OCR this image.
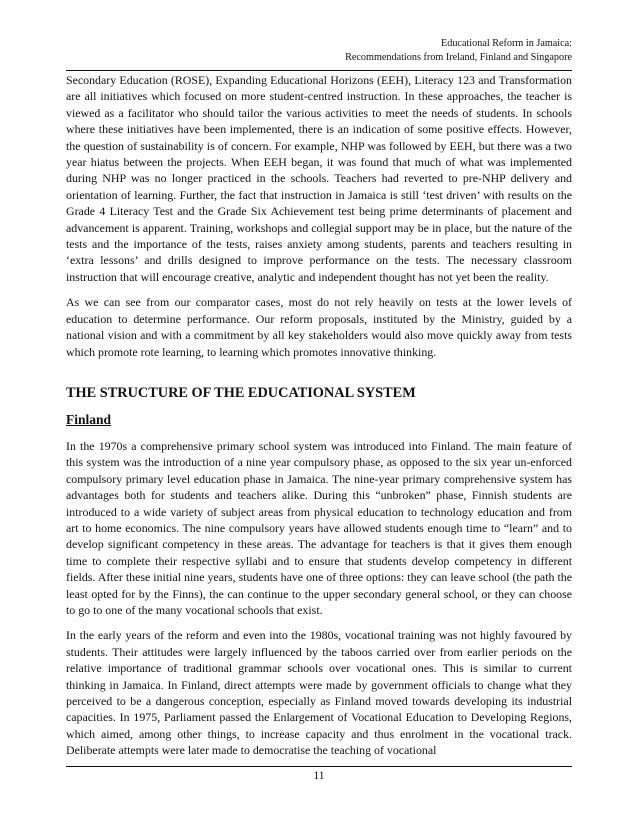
Educational Reform in Jamaica:
Recommendations from Ireland, Finland and Singapore

Secondary Education (ROSE), Expanding Educational Horizons (EEH), Literacy 123 and Transformation are all initiatives which focused on more student-centred instruction. In these approaches, the teacher is viewed as a facilitator who should tailor the various activities to meet the needs of students. In schools where these initiatives have been implemented, there is an indication of some positive effects. However, the question of sustainability is of concern. For example, NHP was followed by EEH, but there was a two year hiatus between the projects. When EEH began, it was found that much of what was implemented during NHP was no longer practiced in the schools. Teachers had reverted to pre-NHP delivery and orientation of learning. Further, the fact that instruction in Jamaica is still ‘test driven’ with results on the Grade 4 Literacy Test and the Grade Six Achievement test being prime determinants of placement and advancement is apparent. Training, workshops and collegial support may be in place, but the nature of the tests and the importance of the tests, raises anxiety among students, parents and teachers resulting in ‘extra lessons’ and drills designed to improve performance on the tests. The necessary classroom instruction that will encourage creative, analytic and independent thought has not yet been the reality.

As we can see from our comparator cases, most do not rely heavily on tests at the lower levels of education to determine performance. Our reform proposals, instituted by the Ministry, guided by a national vision and with a commitment by all key stakeholders would also move quickly away from tests which promote rote learning, to learning which promotes innovative thinking.

THE STRUCTURE OF THE EDUCATIONAL SYSTEM
Finland

In the 1970s a comprehensive primary school system was introduced into Finland. The main feature of this system was the introduction of a nine year compulsory phase, as opposed to the six year un-enforced compulsory primary level education phase in Jamaica. The nine-year primary comprehensive system has advantages both for students and teachers alike. During this “unbroken” phase, Finnish students are introduced to a wide variety of subject areas from physical education to technology education and from art to home economics. The nine compulsory years have allowed students enough time to “learn” and to develop significant competency in these areas. The advantage for teachers is that it gives them enough time to complete their respective syllabi and to ensure that students develop competency in different fields. After these initial nine years, students have one of three options: they can leave school (the path the least opted for by the Finns), the can continue to the upper secondary general school, or they can choose to go to one of the many vocational schools that exist.

In the early years of the reform and even into the 1980s, vocational training was not highly favoured by students. Their attitudes were largely influenced by the taboos carried over from earlier periods on the relative importance of traditional grammar schools over vocational ones. This is similar to current thinking in Jamaica. In Finland, direct attempts were made by government officials to change what they perceived to be a dangerous conception, especially as Finland moved towards developing its industrial capacities. In 1975, Parliament passed the Enlargement of Vocational Education to Developing Regions, which aimed, among other things, to increase capacity and thus enrolment in the vocational track. Deliberate attempts were later made to democratise the teaching of vocational

11
